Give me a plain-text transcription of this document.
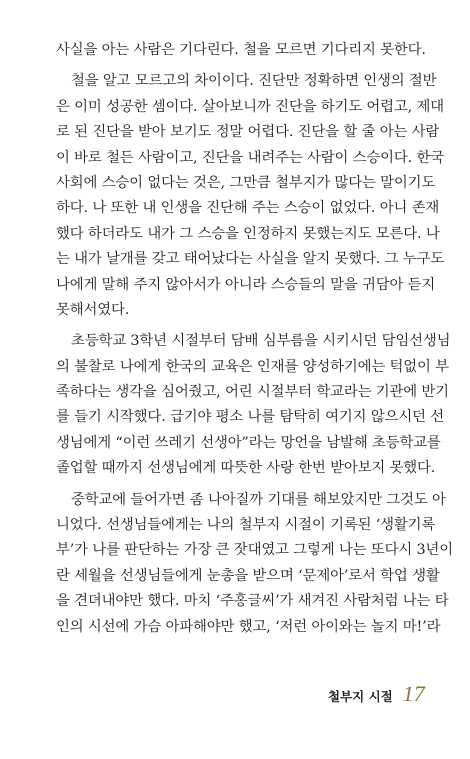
사실을 아는 사람은 기다린다. 철을 모르면 기다리지 못한다.
철을 알고 모르고의 차이이다. 진단만 정확하면 인생의 절반
은 이미 성공한 셈이다. 살아보니까 진단을 하기도 어렵고, 제대
로 된 진단을 받아 보기도 정말 어렵다. 진단을 할 줄 아는 사람
이 바로 철든 사람이고, 진단을 내려주는 사람이 스승이다. 한국
사회에 스승이 없다는 것은, 그만큼 철부지가 많다는 말이기도
하다. 나 또한 내 인생을 진단해 주는 스승이 없었다. 아니 존재
했다 하더라도 내가 그 스승을 인정하지 못했는지도 모른다. 나
는 내가 날개를 갖고 태어났다는 사실을 알지 못했다. 그 누구도
나에게 말해 주지 않아서가 아니라 스승들의 말을 귀담아 듣지
못해서였다.
초등학교 3학년 시절부터 담배 심부름을 시키시던 담임선생님
의 불찰로 나에게 한국의 교육은 인재를 양성하기에는 턱없이 부
족하다는 생각을 심어줬고, 어린 시절부터 학교라는 기관에 반기
를 들기 시작했다. 급기야 평소 나를 탐탁히 여기지 않으시던 선
생님에게 “이런 쓰레기 선생아”라는 망언을 남발해 초등학교를
졸업할 때까지 선생님에게 따뜻한 사랑 한번 받아보지 못했다.
중학교에 들어가면 좀 나아질까 기대를 해보았지만 그것도 아
니었다. 선생님들에게는 나의 철부지 시절이 기록된 ‘생활기록
부’가 나를 판단하는 가장 큰 잣대였고 그렇게 나는 또다시 3년이
란 세월을 선생님들에게 눈총을 받으며 ‘문제아’로서 학업 생활
을 견뎌내야만 했다. 마치 ‘주홍글씨’가 새겨진 사람처럼 나는 타
인의 시선에 가슴 아파해야만 했고, ‘저런 아이와는 놀지 마!’라
철부지 시절 17
